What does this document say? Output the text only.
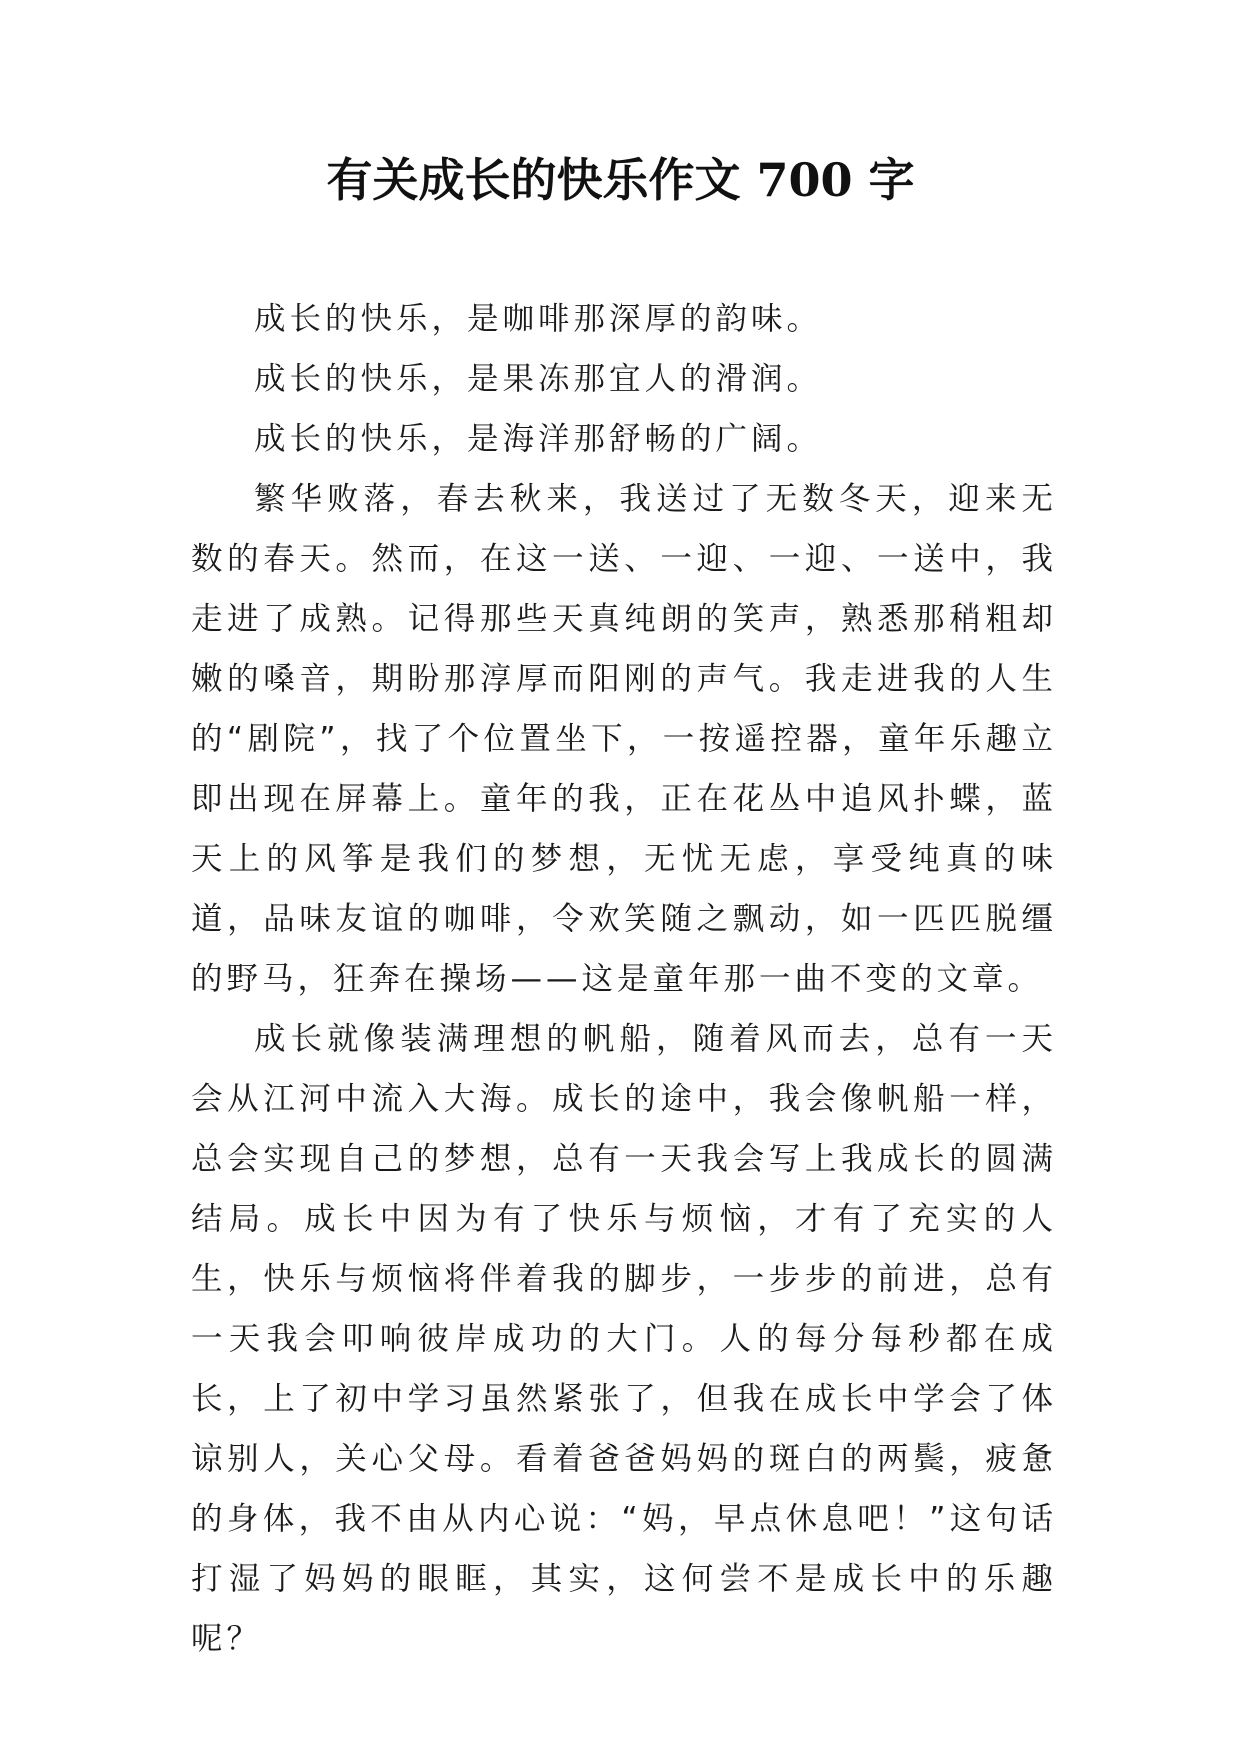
有关成长的快乐作文 700 字

成长的快乐，是咖啡那深厚的韵味。

成长的快乐，是果冻那宜人的滑润。

成长的快乐，是海洋那舒畅的广阔。

繁华败落，春去秋来，我送过了无数冬天，迎来无数的春天。然而，在这一送、一迎、一迎、一送中，我走进了成熟。记得那些天真纯朗的笑声，熟悉那稍粗却嫩的嗓音，期盼那淳厚而阳刚的声气。我走进我的人生的“剧院”，找了个位置坐下，一按遥控器，童年乐趣立即出现在屏幕上。童年的我，正在花丛中追风扑蝶，蓝天上的风筝是我们的梦想，无忧无虑，享受纯真的味道，品味友谊的咖啡，令欢笑随之飘动，如一匹匹脱缰的野马，狂奔在操场——这是童年那一曲不变的文章。

成长就像装满理想的帆船，随着风而去，总有一天会从江河中流入大海。成长的途中，我会像帆船一样，总会实现自己的梦想，总有一天我会写上我成长的圆满结局。成长中因为有了快乐与烦恼，才有了充实的人生，快乐与烦恼将伴着我的脚步，一步步的前进，总有一天我会叩响彼岸成功的大门。人的每分每秒都在成长，上了初中学习虽然紧张了，但我在成长中学会了体谅别人，关心父母。看着爸爸妈妈的斑白的两鬓，疲惫的身体，我不由从内心说：“妈，早点休息吧！”这句话打湿了妈妈的眼眶，其实，这何尝不是成长中的乐趣呢？
